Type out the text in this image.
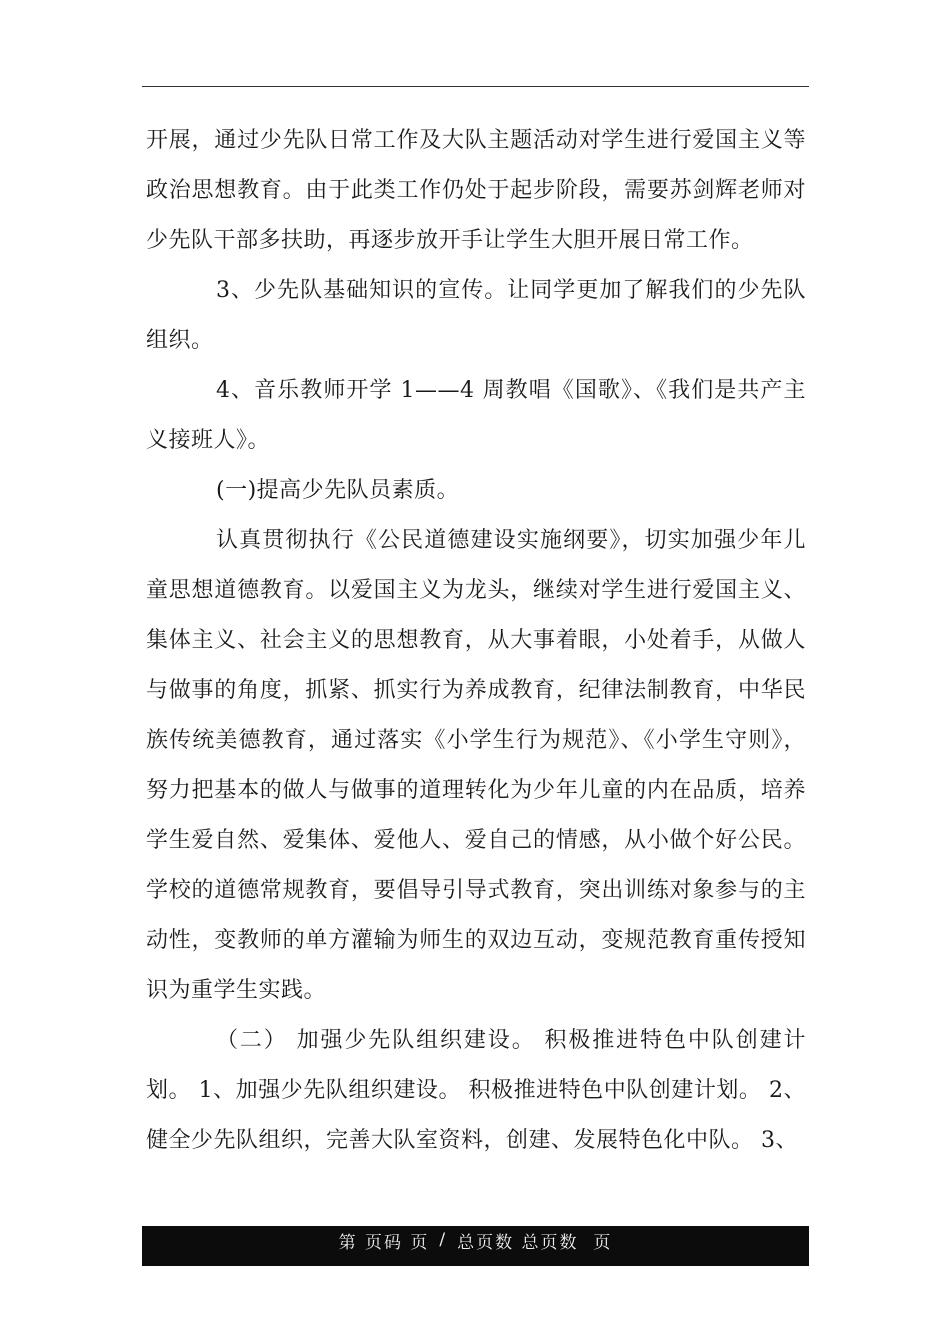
开展，通过少先队日常工作及大队主题活动对学生进行爱国主义等政治思想教育。由于此类工作仍处于起步阶段，需要苏剑辉老师对少先队干部多扶助，再逐步放开手让学生大胆开展日常工作。

3、少先队基础知识的宣传。让同学更加了解我们的少先队组织。

4、音乐教师开学 1——4 周教唱《国歌》、《我们是共产主义接班人》。

(一)提高少先队员素质。

认真贯彻执行《公民道德建设实施纲要》，切实加强少年儿童思想道德教育。以爱国主义为龙头，继续对学生进行爱国主义、集体主义、社会主义的思想教育，从大事着眼，小处着手，从做人与做事的角度，抓紧、抓实行为养成教育，纪律法制教育，中华民族传统美德教育，通过落实《小学生行为规范》、《小学生守则》，努力把基本的做人与做事的道理转化为少年儿童的内在品质，培养学生爱自然、爱集体、爱他人、爱自己的情感，从小做个好公民。学校的道德常规教育，要倡导引导式教育，突出训练对象参与的主动性，变教师的单方灌输为师生的双边互动，变规范教育重传授知识为重学生实践。

（二） 加强少先队组织建设。 积极推进特色中队创建计划。 1、加强少先队组织建设。 积极推进特色中队创建计划。 2、健全少先队组织，完善大队室资料，创建、发展特色化中队。 3、

第 页码 页 / 总页数 总页数  页
